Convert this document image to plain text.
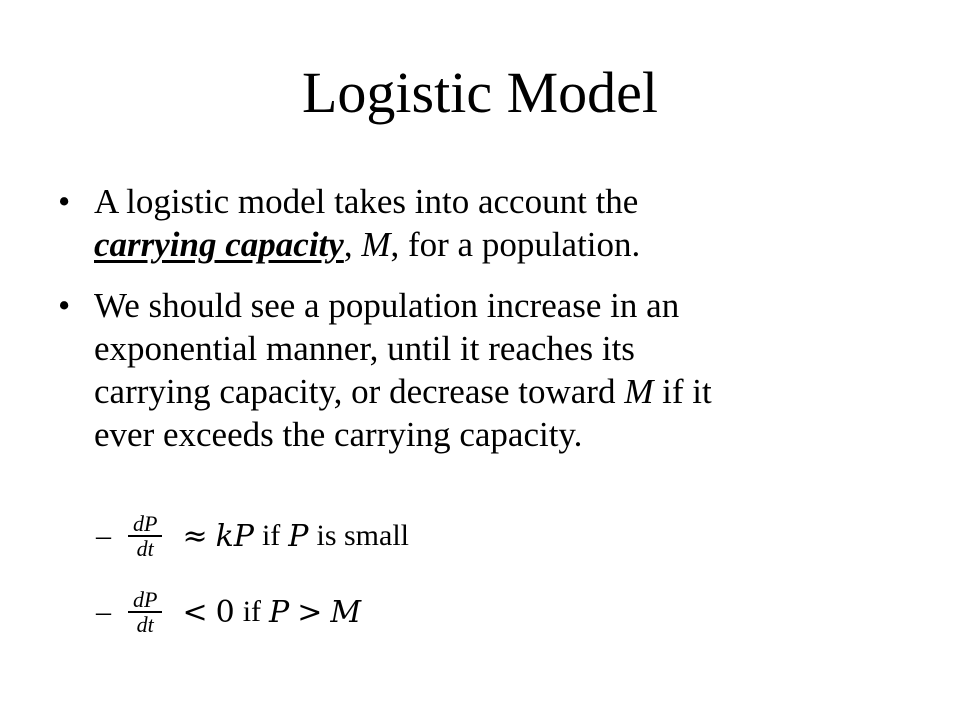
Logistic Model
• A logistic model takes into account the
carrying capacity, M, for a population.
• We should see a population increase in an
exponential manner, until it reaches its
carrying capacity, or decrease toward M if it
ever exceeds the carrying capacity.
– $\frac{dP}{dt}$ ≈ kP if P is small
– $\frac{dP}{dt} < 0$ if P > M
